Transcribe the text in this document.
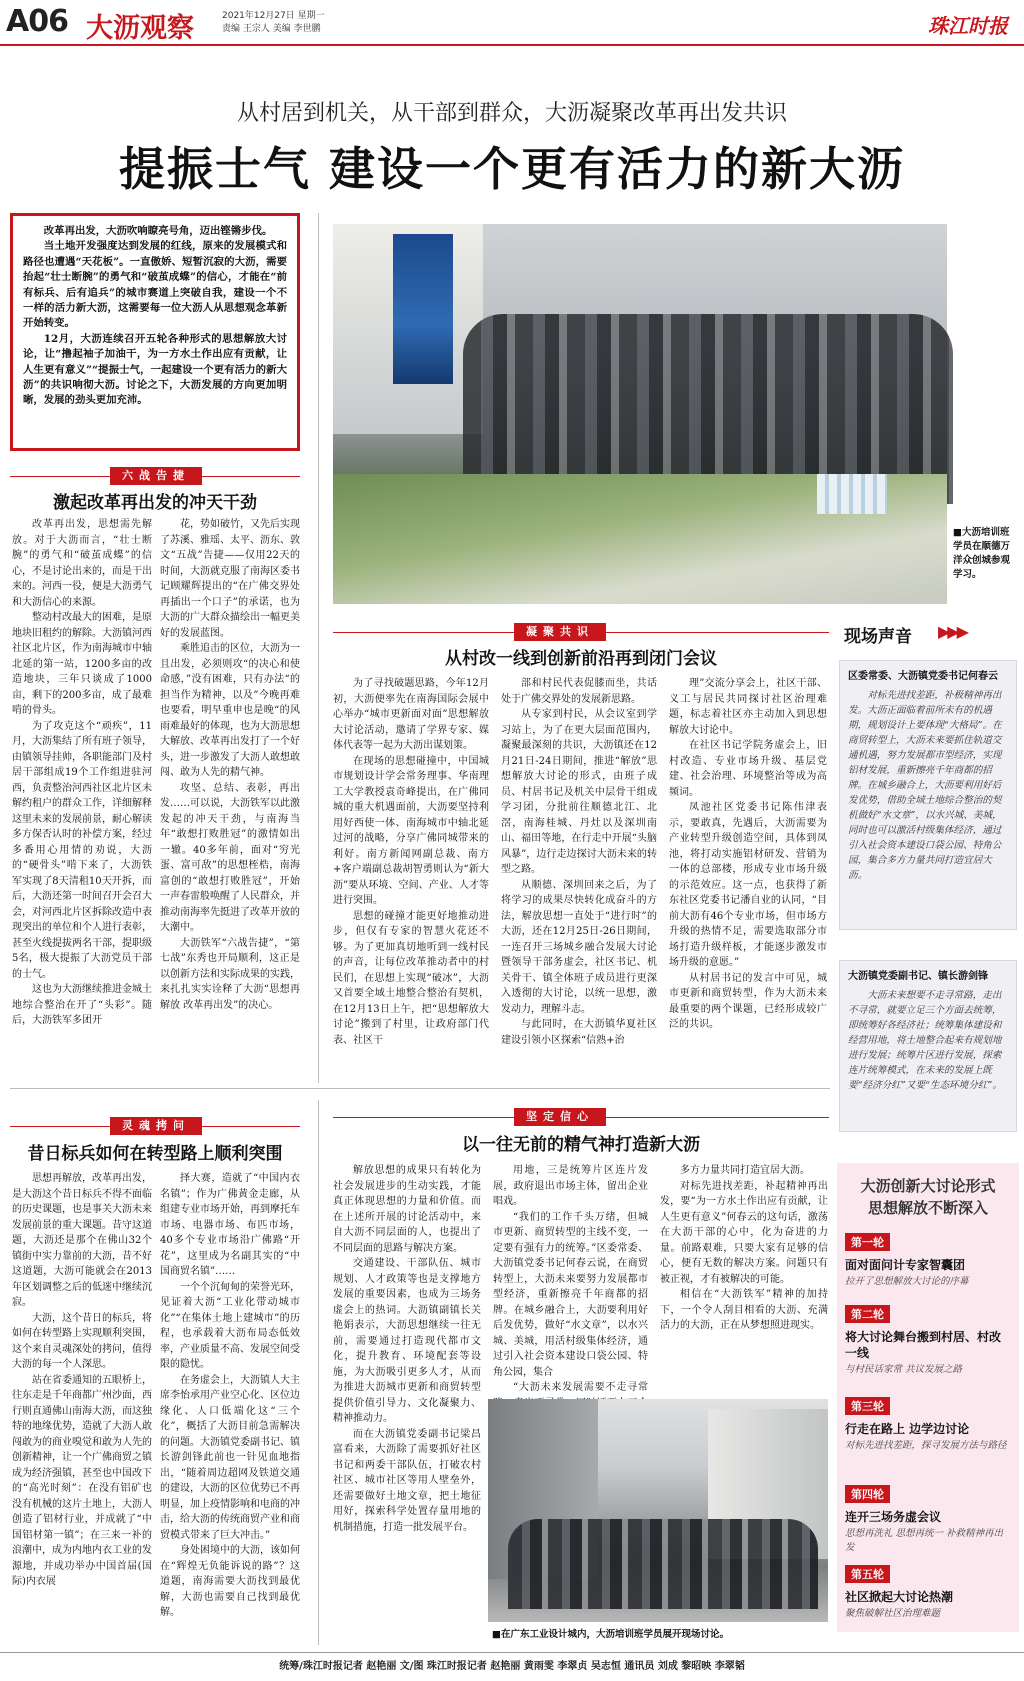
A06 大沥观察	2021年12月27日 星期一
责编 王宗人 美编 李世鹏	珠江时报
从村居到机关，从干部到群众，大沥凝聚改革再出发共识
提振士气 建设一个更有活力的新大沥

改革再出发，大沥吹响瞭亮号角，迈出铿锵步伐。

当土地开发强度达到发展的红线，原来的发展模式和路径也遭遇“天花板”。一直傲娇、短暂沉寂的大沥，需要抬起“壮士断腕”的勇气和“破茧成蝶”的信心，才能在“前有标兵、后有追兵”的城市赛道上突破自我，建设一个不一样的活力新大沥，这需要每一位大沥人从思想观念革新开始转变。

12月，大沥连续召开五轮各种形式的思想解放大讨论，让“撸起袖子加油干，为一方水土作出应有贡献，让人生更有意义”“提振士气，一起建设一个更有活力的新大沥”的共识响彻大沥。讨论之下，大沥发展的方向更加明晰，发展的劲头更加充沛。

■大沥培训班学员在顺德万洋众创城参观学习。
六战告捷
激起改革再出发的冲天干劲

改革再出发，思想需先解放。对于大沥而言，“壮士断腕”的勇气和“破茧成蝶”的信心，不是讨论出来的，而是干出来的。河西一役，便是大沥勇气和大沥信心的来源。

整动村改最大的困难，是原地块旧租约的解除。大沥镇河西社区北片区，作为南海城市中轴北延的第一站，1200多亩的改造地块，三年只谈成了1000亩，剩下的200多亩，成了最难啃的骨头。

为了攻克这个“顽疾”，11月，大沥集结了所有班子领导，由镇领导挂帅，各职能部门及村居干部组成19个工作组进驻河西，负责整治河西社区北片区未解约租户的群众工作，详细解释这里未来的发展前景，耐心解读多方保否认时的补偿方案，经过多番用心用情的劝说，大沥的“硬骨头”啃下来了，大沥铁军实现了8天清租10天开拆，而后，大沥还第一时间召开会召大会，对河西北片区拆除改造中表现突出的单位和个人进行表彰，甚至火线提拔两名干部，提职级5名，极大提振了大沥党员干部的士气。

这也为大沥继续推进金城土地综合整治在开了“头彩”。随后，大沥铁军多团开

花，势如破竹，又先后实现了苏溪、雅瑶、太平、沥东、敦文“五战”告捷——仅用22天的时间，大沥就克服了南海区委书记顾耀辉提出的“在广佛交界处再插出一个口子”的承诺，也为大沥的广大群众描绘出一幅更美好的发展蓝图。

乘胜追击的区位，大沥为一且出发，必须则攻“的决心和使命感，”没有困难，只有办法“的担当作为精神，以及”今晚再难也要看，明早重申也是晚“的风雨难最好的体现，也为大沥思想大解放、改革再出发打了一个好头，进一步激发了大沥人敢想敢闯、敢为人先的精气神。

攻坚、总结、表彰，再出发……可以说，大沥铁军以此激发起的冲天干劲，与南海当年“敢想打败胜冠”的激情如出一辙。40多年前，面对“穷光蛋、富可敌”的思想桎梏，南海富创的“敢想打败胜冠”，开始一声春雷般唤醒了人民群众，并推动南海率先挺进了改革开放的大潮中。

大沥铁军“六战告捷”，“第七战”东秀也开局顺利，这正是以创新方法和实际成果的实践，来扎扎实实诠释了大沥“思想再解放 改革再出发”的决心。

凝聚共识
从村改一线到创新前沿再到闭门会议

为了寻找破题思路，今年12月初，大沥便率先在南海国际会展中心举办“城市更新面对面”思想解放大讨论活动，邀请了学界专家、媒体代表等一起为大沥出谋划策。

在现场的思想碰撞中，中国城市规划设计学会常务理事、华南理工大学教授袁奇峰提出，在广佛同城的重大机遇面前，大沥要坚持利用好西使一体、南海城市中轴北延过河的战略，分享广佛同城带来的利好。南方新闻网副总裁、南方+客户端副总裁胡智勇则认为“新大沥”要从环境、空间、产业、人才等进行突围。

思想的碰撞才能更好地推动进步，但仅有专家的智慧火花还不够。为了更加真切地听到一线村民的声音，让每位改革推动者中的村民们，在思想上实现“破冰”，大沥又首要全域土地整合整治有契机，在12月13日上午，把“思想解放大讨论”搬到了村里，让政府部门代表、社区干

部和村民代表促膝而坐，共话处于广佛交界处的发展新思路。

从专家到村民，从会议室到学习站上，为了在更大层面范围内，凝聚最深刻的共识，大沥镇还在12月21日-24日期间，推进“解放”思想解放大讨论的形式，由班子成员、村居书记及机关中层骨干组成学习团，分批前往顺德北江、北滘，南海桂城、丹灶以及深圳南山、福田等地，在行走中开展“头脑风暴”，边行走边探讨大沥未来的转型之路。

从顺德、深圳回来之后，为了将学习的成果尽快转化成奋斗的方法，解放思想一直处于“进行时”的大沥，还在12月25日-26日期间，一连召开三场城乡融合发展大讨论暨领导干部务虚会，社区书记、机关骨干、镇全体班子成员进行更深入透彻的大讨论，以统一思想，激发动力，理解斗志。

与此同时，在大沥镇华夏社区建设引领小区探索“信熟+治

理”交流分享会上，社区干部、义工与居民共同探讨社区治理难题，标志着社区亦主动加入到思想解放大讨论中。

在社区书记学院务虚会上，旧村改造、专业市场升级、基层党建、社会治理、环境整治等成为高频词。

凤池社区党委书记陈伟津表示，要敢真，先遇后，大沥需要为产业转型升级创造空间，具体到凤池，将打动实施铝材研发、营销为一体的总部楼，形成专业市场升级的示范效应。这一点，也获得了新东社区党委书记潘自业的认同，“目前大沥有46个专业市场，但市场方升级的热情不足，需要选取部分市场打造升级样板，才能逐步激发市场升级的意愿。”

从村居书记的发言中可见，城市更新和商贸转型，作为大沥未来最重要的两个课题，已经形成较广泛的共识。

现场声音 ▶▶▶
区委常委、大沥镇党委书记何春云
对标先进找差距，补极精神再出发。大沥正面临着前所未有的机遇期，规划设计上要体现“大格局”。在商贸转型上，大沥未来要抓住轨道交通机遇，努力发展都市型经济，实现铝材发展，重新擦亮千年商都的招牌。在城乡融合上，大沥要利用好后发优势，借助全域土地综合整治的契机做好“水文章”，以水兴城、美城，同时也可以激活村级集体经济，通过引入社会资本建设口袋公园、特角公园，集合多方力量共同打造宜居大沥。
大沥镇党委副书记、镇长游剑锋
大沥未来想要不走寻常路，走出不寻常，就要立足三个方面去统筹，即统筹好各经济社；统筹集体建设和经营用地，将土地整合起来有规划地进行发展；统筹片区进行发展，探索连片统筹模式，在未来的发展上既要“经济分红”又要“生态环境分红”。
灵魂拷问
昔日标兵如何在转型路上顺利突围

思想再解放，改革再出发，是大沥这个昔日标兵不得不面临的历史课题，也是事关大沥未来发展前景的重大课题。昔守这道题，大沥还是那个在佛山32个镇街中实力靠前的大沥，昔不好这道题，大沥可能就会在2013年区划调整之后的低迷中继续沉寂。

大沥，这个昔日的标兵，将如何在转型路上实现顺利突围，这个来自灵魂深处的拷问，值得大沥的每一个人深思。

站在省委通知的五眼桥上，往东走是千年商都广州沙面，西行则直通佛山南海大沥，而这独特的地缘优势，造就了大沥人敢闯敢为的商业嗅觉和敢为人先的创新精神，让一个广佛商贸之镇成为经济强镇，甚至也中国改下的“高光时刻”：在没有铝矿也没有机械的这片土地上，大沥人创造了铝材行业，并成就了“中国铝材第一镇”；在三来一补的浪潮中，成为内地内衣工业的发源地，并成功举办中国首届(国际)内衣展

择大赛，造就了“中国内衣名镇”；作为广佛黄金走廊，从组建专业市场开始，再到摩托车市场、电器市场、布匹市场，40多个专业市场沿广佛路“开花”，这里成为名副其实的“中国商贸名镇”……

一个个沉甸甸的荣誉光环，见证着大沥“工业化带动城市化”“在集体土地上建城市”的历程，也承载着大沥布局态低效率，产业质量不高、发展空间受限的隐忧。

在务虚会上，大沥镇人大主席李怡承用产业空心化、区位边缘化、人口低端化这“三个化”，概括了大沥目前急需解决的问题。大沥镇党委副书记、镇长游剑锋此前也一针见血地指出，“随着周边超网及铁道交通的建设，大沥的区位优势已不再明显，加上疫情影响和电商的冲击，给大沥的传统商贸产业和商贸模式带来了巨大冲击。”

身处困境中的大沥，该如何在“辉煌无负能诉说的路”？这道题，南海需要大沥找到最优解，大沥也需要自己找到最优解。

坚定信心
以一往无前的精气神打造新大沥

解放思想的成果只有转化为社会发展进步的生动实践，才能真正体现思想的力量和价值。而在上述所开展的讨论活动中，来自大沥不同层面的人，也提出了不同层面的思路与解决方案。

交通建设、干部队伍、城市规划、人才政策等也是支撑地方发展的重要因素，也成为三场务虚会上的热词。大沥镇副镇长关艳娟表示，大沥思想继续一往无前，需要通过打造现代都市文化，提升教育、环境配套等设施，为大沥吸引更多人才，从而为推进大沥城市更新和商贸转型提供价值引导力、文化凝聚力、精神推动力。

而在大沥镇党委副书记梁昌富看来，大沥除了需要抓好社区书记和两委干部队伍，打破农村社区、城市社区等用人壁垒外，还需要做好土地文章，把土地征用好，探索科学处置存量用地的机制措施，打造一批发展平台。

用地，三是统筹片区连片发展，政府退出市场主体，留出企业唱戏。

“我们的工作千头万绪，但城市更新、商贸转型的主线不变，一定要有强有力的统筹。”区委常委、大沥镇党委书记何春云说，在商贸转型上，大沥未来要努力发展都市型经济，重新擦亮千年商都的招牌。在城乡融合上，大沥要利用好后发优势，做好“水文章”，以水兴城、美城，用活村级集体经济，通过引入社会资本建设口袋公园、特角公园，集合

“大沥未来发展需要不走寻常

多方力量共同打造宜居大沥。

对标先进找差距，补起精神再出发，要“为一方水土作出应有贡献，让人生更有意义”何春云的这句话，激荡在大沥干部的心中，化为奋进的力量。前路艰难，只要大家有足够的信心，便有无数的解决方案。问题只有被正视，才有被解决的可能。

相信在“大沥铁军”精神的加持下，一个令人刮目相看的大沥、充满活力的大沥，正在从梦想照进现实。

■在广东工业设计城内，大沥培训班学员展开现场讨论。
大沥创新大讨论形式
思想解放不断深入
第一轮
面对面问计专家智囊团
拉开了思想解放大讨论的序幕
第二轮
将大讨论舞台搬到村居、村改一线
与村民话家常 共议发展之路
第三轮
行走在路上 边学边讨论
对标先进找差距，探寻发展方法与路径
第四轮
连开三场务虚会议
思想再洗礼 思想再统一 补救精神再出发
第五轮
社区掀起大讨论热潮
聚焦破解社区治理难题
统筹/珠江时报记者 赵艳丽 文/图 珠江时报记者 赵艳丽 黄雨雯 李翠贞 吴志恒 通讯员 刘成 黎昭映 李翠韬
